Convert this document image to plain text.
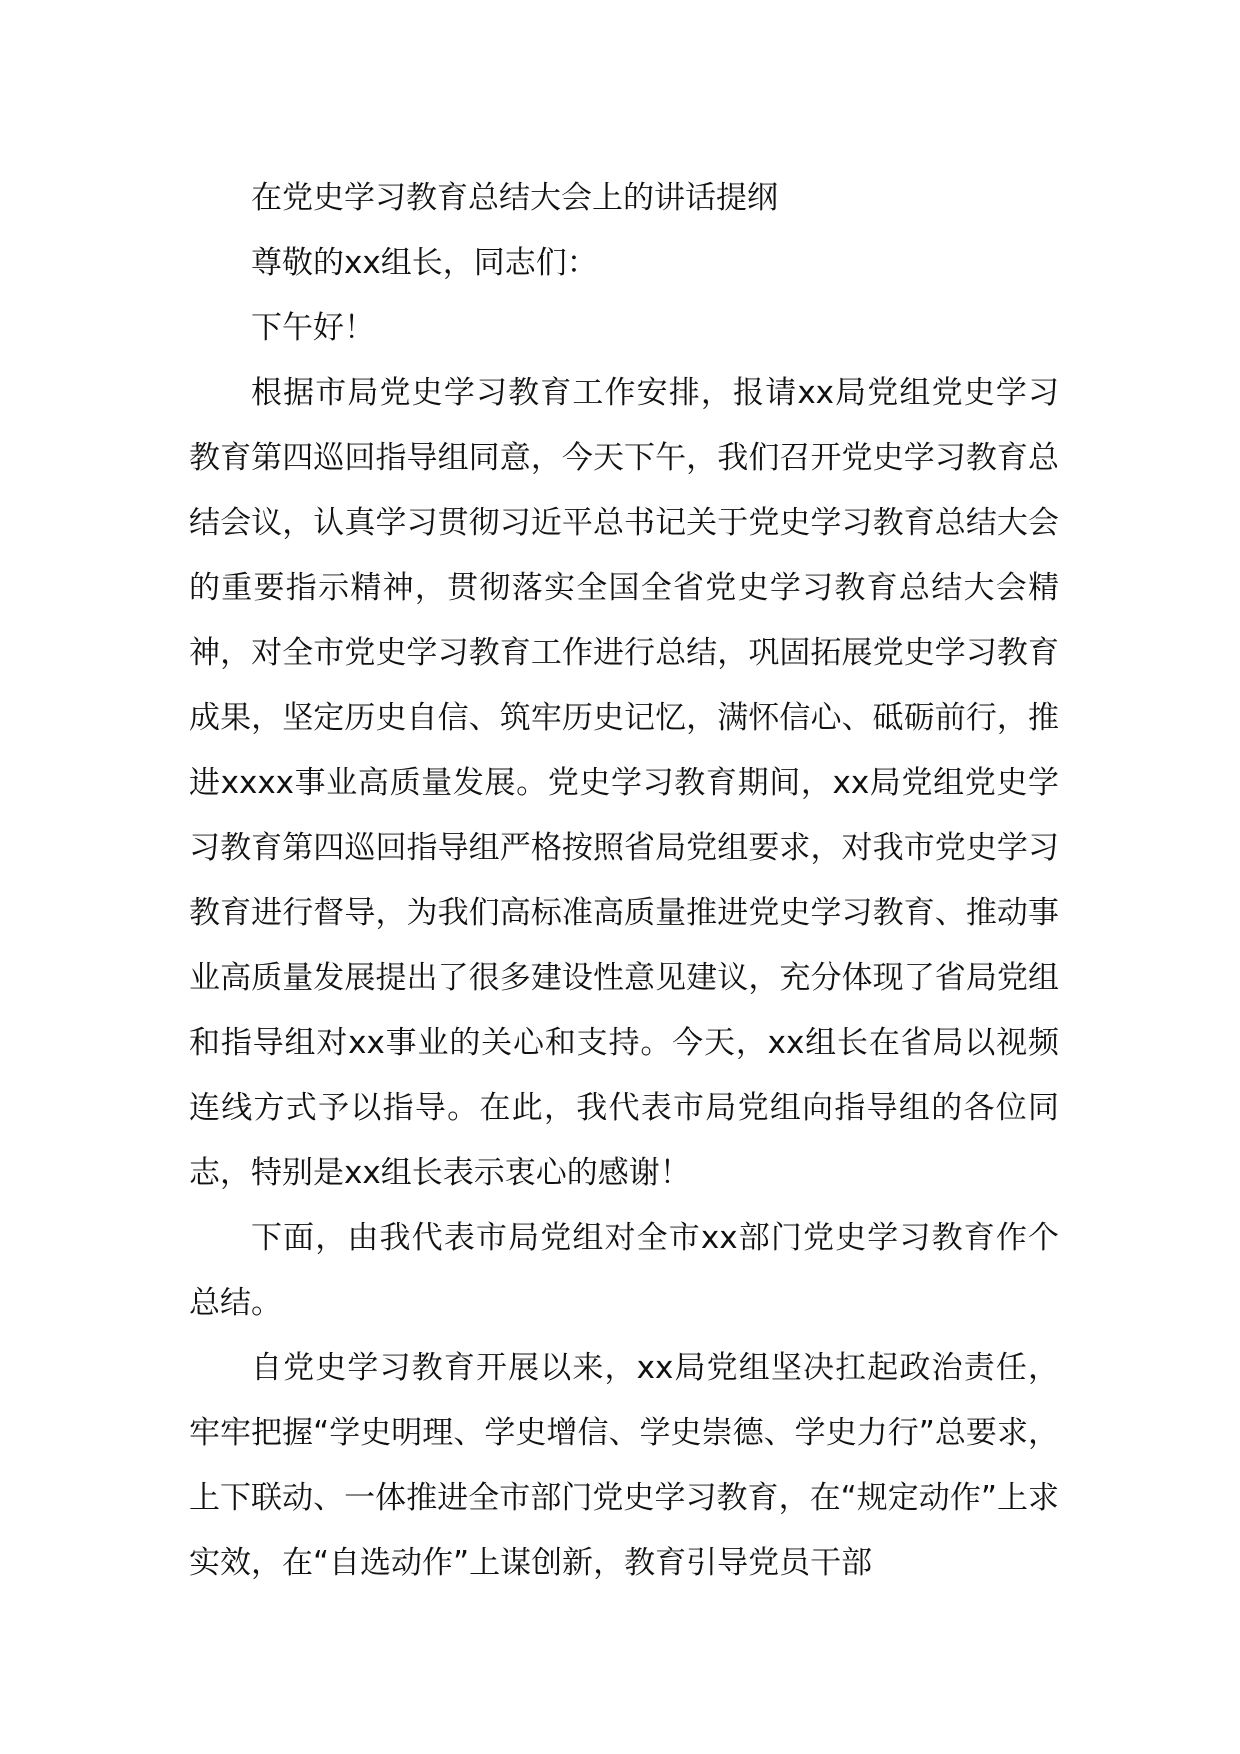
在党史学习教育总结大会上的讲话提纲

尊敬的xx组长，同志们：

下午好！

根据市局党史学习教育工作安排，报请xx局党组党史学习教育第四巡回指导组同意，今天下午，我们召开党史学习教育总结会议，认真学习贯彻习近平总书记关于党史学习教育总结大会的重要指示精神，贯彻落实全国全省党史学习教育总结大会精神，对全市党史学习教育工作进行总结，巩固拓展党史学习教育成果，坚定历史自信、筑牢历史记忆，满怀信心、砥砺前行，推进xxxx事业高质量发展。党史学习教育期间，xx局党组党史学习教育第四巡回指导组严格按照省局党组要求，对我市党史学习教育进行督导，为我们高标准高质量推进党史学习教育、推动事业高质量发展提出了很多建设性意见建议，充分体现了省局党组和指导组对xx事业的关心和支持。今天，xx组长在省局以视频连线方式予以指导。在此，我代表市局党组向指导组的各位同志，特别是xx组长表示衷心的感谢！

下面，由我代表市局党组对全市xx部门党史学习教育作个总结。

自党史学习教育开展以来，xx局党组坚决扛起政治责任，牢牢把握“学史明理、学史增信、学史崇德、学史力行”总要求，上下联动、一体推进全市部门党史学习教育，在“规定动作”上求实效，在“自选动作”上谋创新，教育引导党员干部
